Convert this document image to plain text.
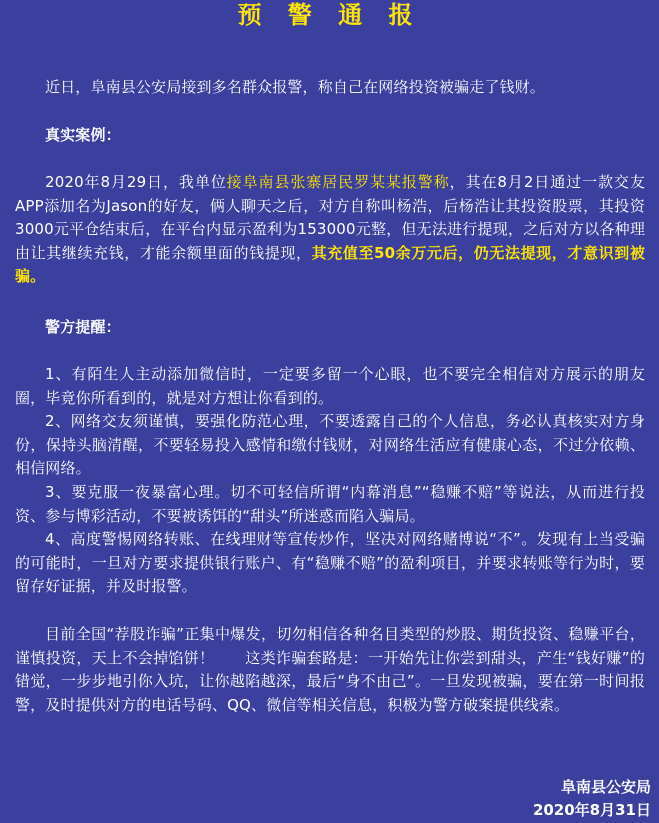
预 警 通 报
近日，阜南县公安局接到多名群众报警，称自己在网络投资被骗走了钱财。
真实案例：
2020年8月29日，我单位接阜南县张寨居民罗某某报警称，其在8月2日通过一款交友APP添加名为Jason的好友，俩人聊天之后，对方自称叫杨浩，后杨浩让其投资股票，其投资3000元平仓结束后，在平台内显示盈利为153000元整，但无法进行提现，之后对方以各种理由让其继续充钱，才能余额里面的钱提现，其充值至50余万元后，仍无法提现，才意识到被骗。
警方提醒：
1、有陌生人主动添加微信时，一定要多留一个心眼，也不要完全相信对方展示的朋友圈，毕竟你所看到的，就是对方想让你看到的。
2、网络交友须谨慎，要强化防范心理，不要透露自己的个人信息，务必认真核实对方身份，保持头脑清醒，不要轻易投入感情和缴付钱财，对网络生活应有健康心态，不过分依赖、相信网络。
3、要克服一夜暴富心理。切不可轻信所谓“内幕消息”“稳赚不赔”等说法，从而进行投资、参与博彩活动，不要被诱饵的“甜头”所迷惑而陷入骗局。
4、高度警惕网络转账、在线理财等宣传炒作，坚决对网络赌博说“不”。发现有上当受骗的可能时，一旦对方要求提供银行账户、有“稳赚不赔”的盈利项目，并要求转账等行为时，要留存好证据，并及时报警。
目前全国“荐股诈骗”正集中爆发，切勿相信各种名目类型的炒股、期货投资、稳赚平台，谨慎投资，天上不会掉馅饼！　　这类诈骗套路是：一开始先让你尝到甜头，产生“钱好赚”的错觉，一步步地引你入坑，让你越陷越深，最后“身不由己”。一旦发现被骗，要在第一时间报警，及时提供对方的电话号码、QQ、微信等相关信息，积极为警方破案提供线索。
阜南县公安局
2020年8月31日
